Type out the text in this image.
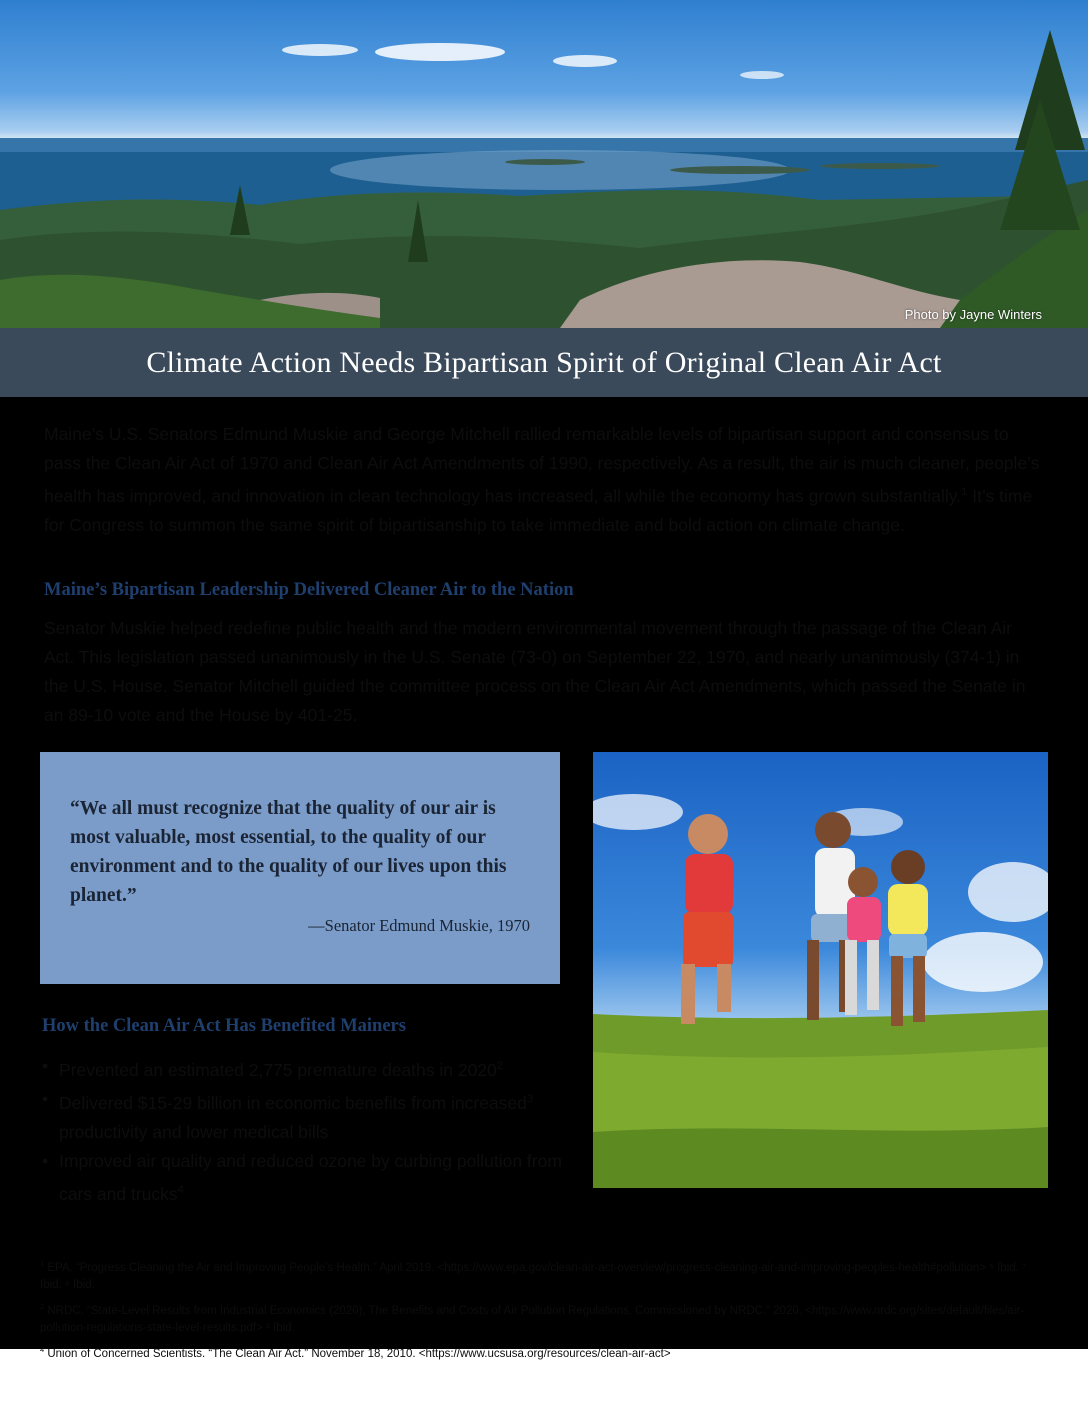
Photo by Jayne Winters
Climate Action Needs Bipartisan Spirit of Original Clean Air Act
Maine’s U.S. Senators Edmund Muskie and George Mitchell rallied remarkable levels of bipartisan support and consensus to pass the Clean Air Act of 1970 and Clean Air Act Amendments of 1990, respectively. As a result, the air is much cleaner, people’s health has improved, and innovation in clean technology has increased, all while the economy has grown substantially.$^1$ It’s time for Congress to summon the same spirit of bipartisanship to take immediate and bold action on climate change.
Maine’s Bipartisan Leadership Delivered Cleaner Air to the Nation
Senator Muskie helped redefine public health and the modern environmental movement through the passage of the Clean Air Act. This legislation passed unanimously in the U.S. Senate (73-0) on September 22, 1970, and nearly unanimously (374-1) in the U.S. House. Senator Mitchell guided the committee process on the Clean Air Act Amendments, which passed the Senate in an 89-10 vote and the House by 401-25.
“We all must recognize that the quality of our air is most valuable, most essential, to the quality of our environment and to the quality of our lives upon this planet.”
—Senator Edmund Muskie, 1970
How the Clean Air Act Has Benefited Mainers
• Prevented an estimated 2,775 premature deaths in 2020$^2$
• Delivered $15-29 billion in economic benefits from increased$^3$ productivity and lower medical bills
• Improved air quality and reduced ozone by curbing pollution from cars and trucks$^4$

$^1$ EPA. “Progress Cleaning the Air and Improving People’s Health.” April 2019. <https://www.epa.gov/clean-air-act-overview/progress-cleaning-air-and-improving-peoples-health#pollution> ⁵ Ibid. ⁷ Ibid. ⁸ Ibid.

$^2$ NRDC. “State-Level Results from Industrial Economics (2020), The Benefits and Costs of Air Pollution Regulations, Commissioned by NRDC.” 2020. <https://www.nrdc.org/sites/default/files/air-pollution-regulations-state-level-results.pdf> ³ Ibid.

$^4$ Union of Concerned Scientists. “The Clean Air Act.” November 18, 2010. <https://www.ucsusa.org/resources/clean-air-act>
